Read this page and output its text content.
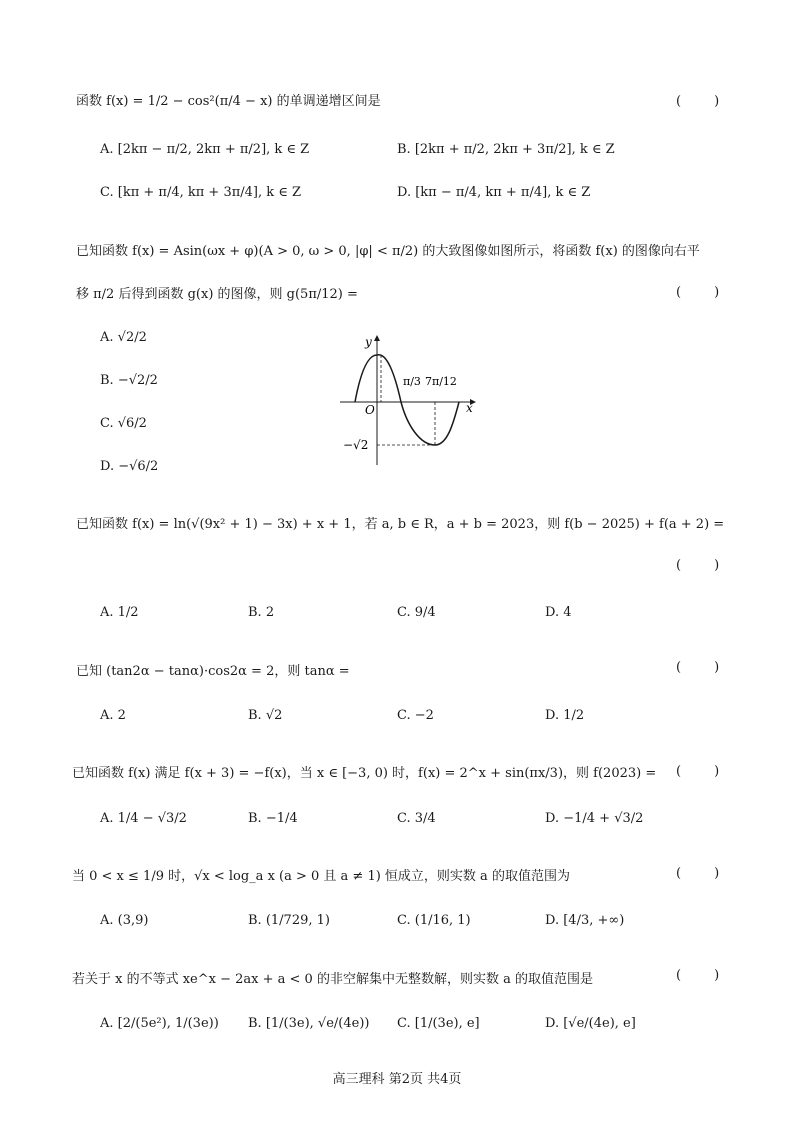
函数 f(x) = 1/2 − cos²(π/4 − x) 的单调递增区间是	(        )
A. [2kπ − π/2, 2kπ + π/2], k ∈ Z	B. [2kπ + π/2, 2kπ + 3π/2], k ∈ Z
C. [kπ + π/4, kπ + 3π/4], k ∈ Z	D. [kπ − π/4, kπ + π/4], k ∈ Z
已知函数 f(x) = Asin(ωx + φ)(A > 0, ω > 0, |φ| < π/2) 的大致图像如图所示，将函数 f(x) 的图像向右平
移 π/2 后得到函数 g(x) 的图像，则 g(5π/12) =	(        )
A. √2/2
B. −√2/2
C. √6/2
D. −√6/2
y
x
O
π/3 7π/12
−√2
已知函数 f(x) = ln(√(9x² + 1) − 3x) + x + 1，若 a, b ∈ R，a + b = 2023，则 f(b − 2025) + f(a + 2) =
(        )
A. 1/2	B. 2	C. 9/4	D. 4
已知 (tan2α − tanα)·cos2α = 2，则 tanα =	(        )
A. 2	B. √2	C. −2	D. 1/2
已知函数 f(x) 满足 f(x + 3) = −f(x)，当 x ∈ [−3, 0) 时，f(x) = 2^x + sin(πx/3)，则 f(2023) =	(        )
A. 1/4 − √3/2	B. −1/4	C. 3/4	D. −1/4 + √3/2
当 0 < x ≤ 1/9 时，√x < log_a x (a > 0 且 a ≠ 1) 恒成立，则实数 a 的取值范围为	(        )
A. (3,9)	B. (1/729, 1)	C. (1/16, 1)	D. [4/3, +∞)
若关于 x 的不等式 xe^x − 2ax + a < 0 的非空解集中无整数解，则实数 a 的取值范围是	(        )
A. [2/(5e²), 1/(3e)) B. [1/(3e), √e/(4e)) C. [1/(3e), e]	D. [√e/(4e), e]
高三理科 第2页 共4页
